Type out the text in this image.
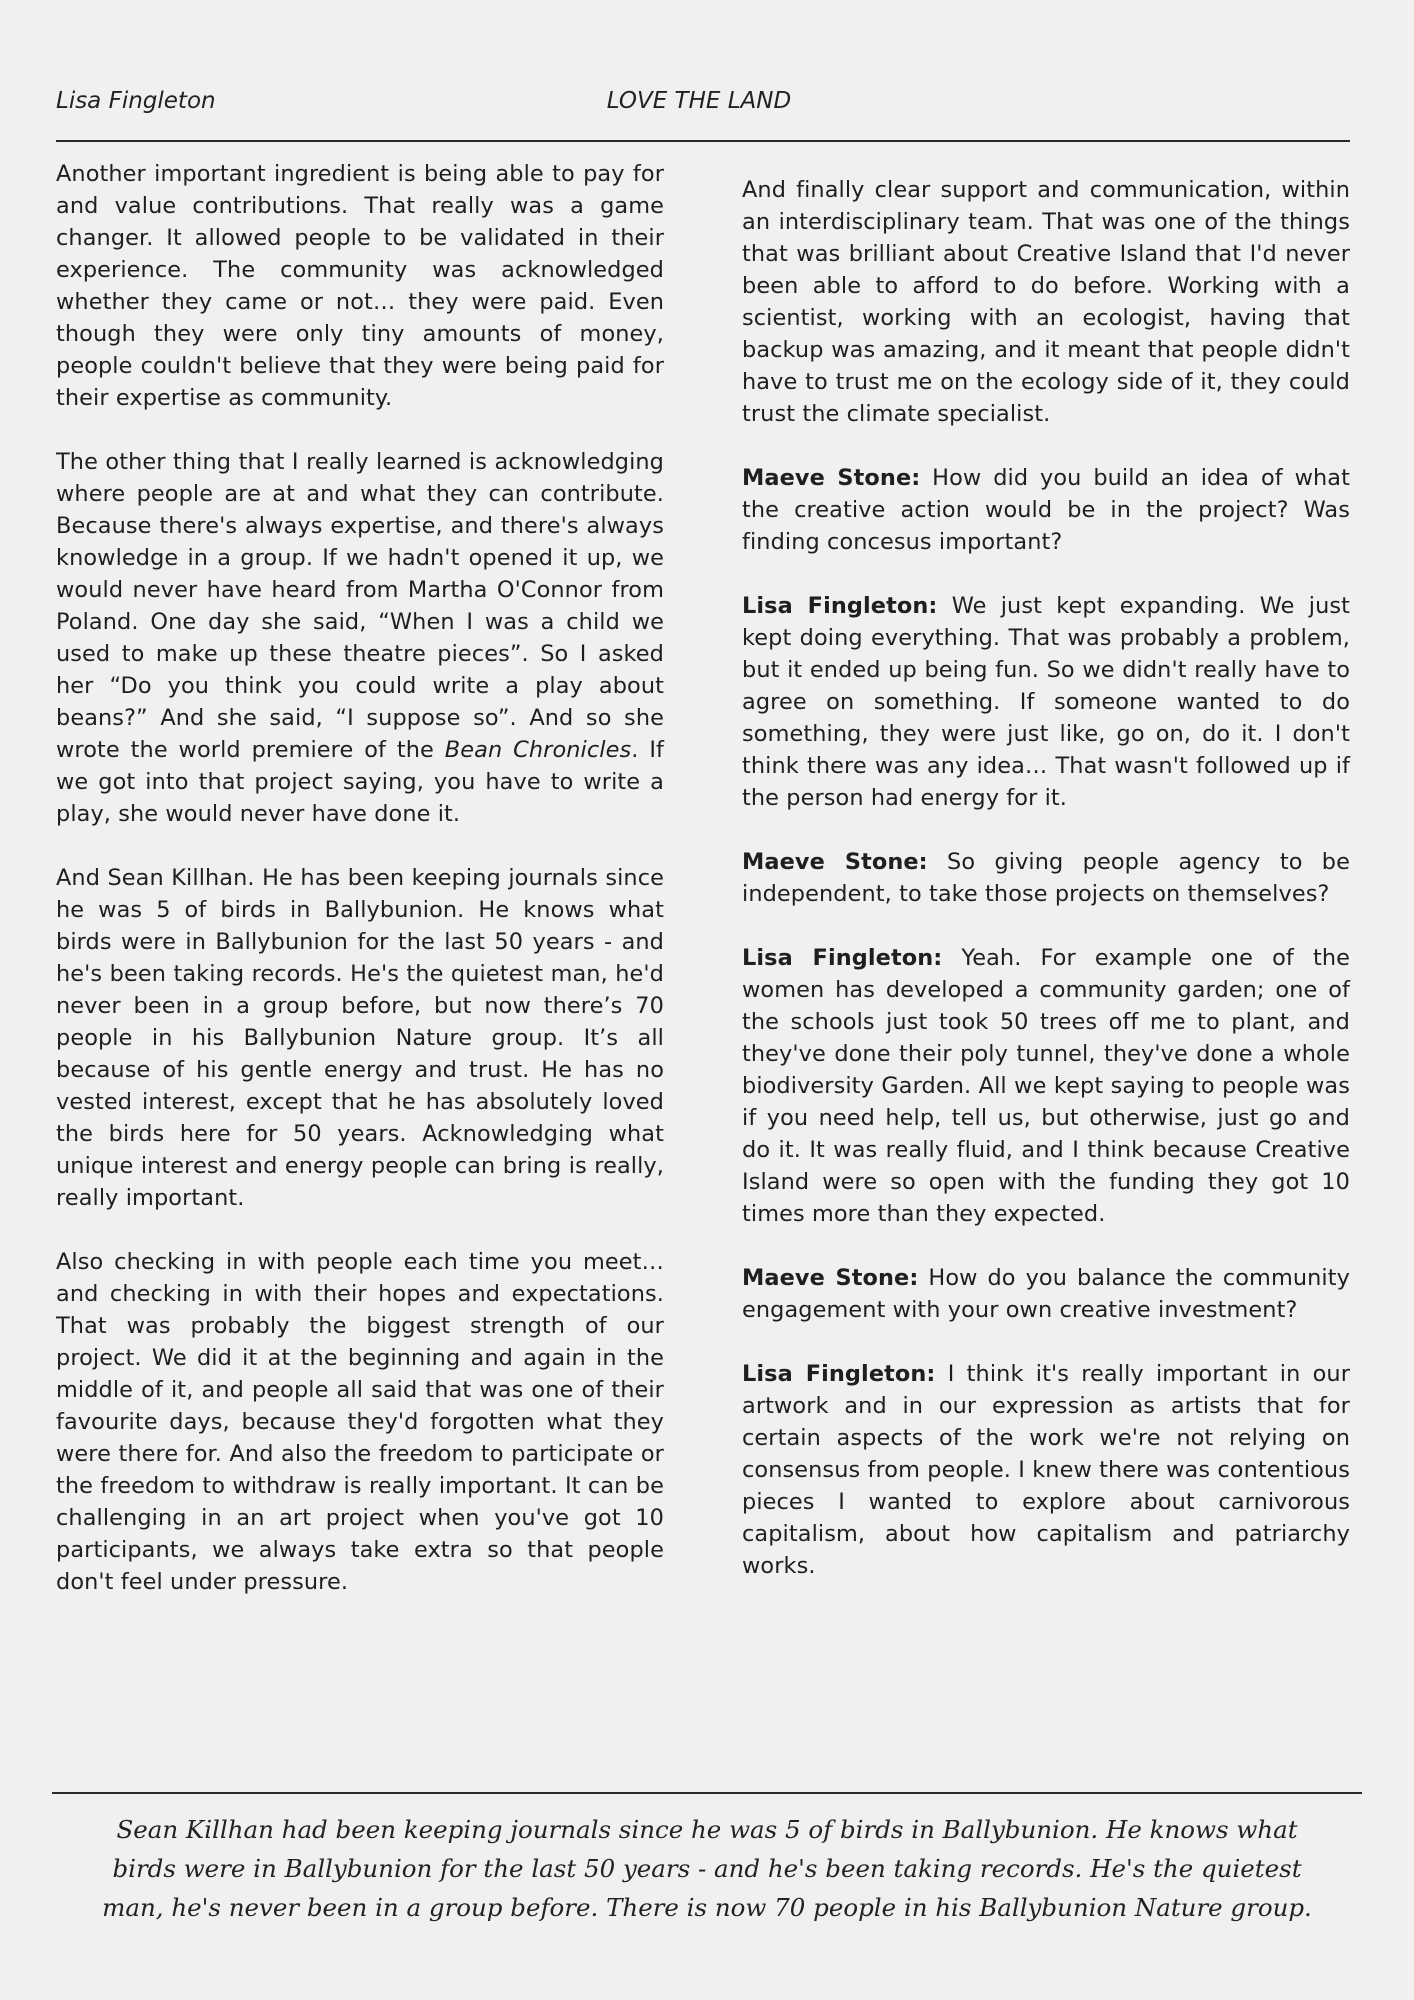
Lisa Fingleton	LOVE THE LAND

Another important ingredient is being able to pay for and value contributions. That really was a game changer. It allowed people to be validated in their experience. The community was acknowledged whether they came or not… they were paid. Even though they were only tiny amounts of money, people couldn't believe that they were being paid for their expertise as community.

The other thing that I really learned is acknowledging where people are at and what they can contribute. Because there's always expertise, and there's always knowledge in a group. If we hadn't opened it up, we would never have heard from Martha O'Connor from Poland. One day she said, “When I was a child we used to make up these theatre pieces”. So I asked her “Do you think you could write a play about beans?” And she said, “I suppose so”. And so she wrote the world premiere of the Bean Chronicles. If we got into that project saying, you have to write a play, she would never have done it.

And Sean Killhan. He has been keeping journals since he was 5 of birds in Ballybunion. He knows what birds were in Ballybunion for the last 50 years - and he's been taking records. He's the quietest man, he'd never been in a group before, but now there’s 70 people in his Ballybunion Nature group. It’s all because of his gentle energy and trust. He has no vested interest, except that he has absolutely loved the birds here for 50 years. Acknowledging what unique interest and energy people can bring is really, really important.

Also checking in with people each time you meet… and checking in with their hopes and expectations. That was probably the biggest strength of our project. We did it at the beginning and again in the middle of it, and people all said that was one of their favourite days, because they'd forgotten what they were there for. And also the freedom to participate or the freedom to withdraw is really important. It can be challenging in an art project when you've got 10 participants, we always take extra so that people don't feel under pressure.

And finally clear support and communication, within an interdisciplinary team. That was one of the things that was brilliant about Creative Island that I'd never been able to afford to do before. Working with a scientist, working with an ecologist, having that backup was amazing, and it meant that people didn't have to trust me on the ecology side of it, they could trust the climate specialist.

Maeve Stone: How did you build an idea of what the creative action would be in the project? Was finding concesus important?

Lisa Fingleton: We just kept expanding. We just kept doing everything. That was probably a problem, but it ended up being fun. So we didn't really have to agree on something. If someone wanted to do something, they were just like, go on, do it. I don't think there was any idea… That wasn't followed up if the person had energy for it.

Maeve Stone: So giving people agency to be independent, to take those projects on themselves?

Lisa Fingleton: Yeah. For example one of the women has developed a community garden; one of the schools just took 50 trees off me to plant, and they've done their poly tunnel, they've done a whole biodiversity Garden. All we kept saying to people was if you need help, tell us, but otherwise, just go and do it. It was really fluid, and I think because Creative Island were so open with the funding they got 10 times more than they expected.

Maeve Stone: How do you balance the community engagement with your own creative investment?

Lisa Fingleton: I think it's really important in our artwork and in our expression as artists that for certain aspects of the work we're not relying on consensus from people. I knew there was contentious pieces I wanted to explore about carnivorous capitalism, about how capitalism and patriarchy works.

Sean Killhan had been keeping journals since he was 5 of birds in Ballybunion. He knows what birds were in Ballybunion for the last 50 years - and he's been taking records. He's the quietest man, he's never been in a group before. There is now 70 people in his Ballybunion Nature group.
